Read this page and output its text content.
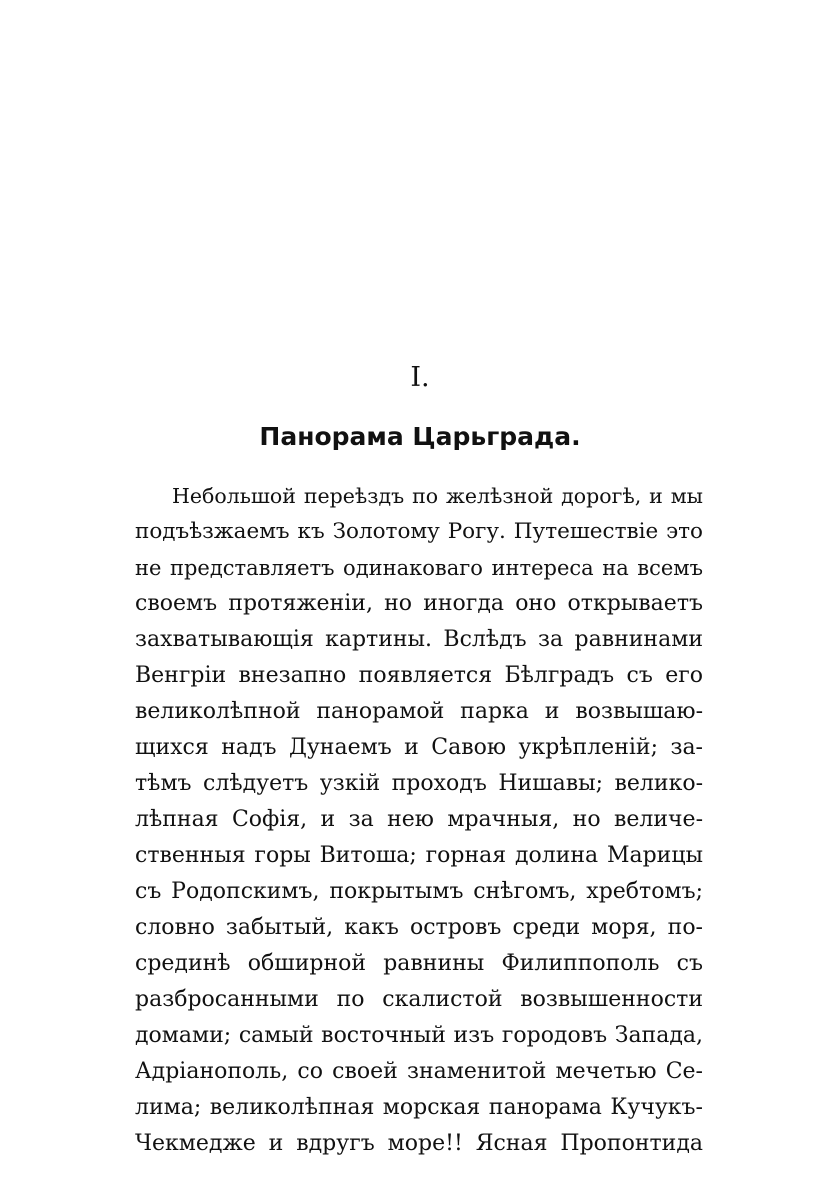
I.
Панорама Царьграда.
Небольшой переѣздъ по желѣзной дорогѣ, и мы
подъѣзжаемъ къ Золотому Рогу. Путешествіе это
не представляетъ одинаковаго интереса на всемъ
своемъ протяженіи, но иногда оно открываетъ
захватывающія картины. Вслѣдъ за равнинами
Венгріи внезапно появляется Бѣлградъ съ его
великолѣпной панорамой парка и возвышаю-
щихся надъ Дунаемъ и Савою укрѣпленій; за-
тѣмъ слѣдуетъ узкій проходъ Нишавы; велико-
лѣпная Софія, и за нею мрачныя, но величе-
ственныя горы Витоша; горная долина Марицы
съ Родопскимъ, покрытымъ снѣгомъ, хребтомъ;
словно забытый, какъ островъ среди моря, по-
срединѣ обширной равнины Филиппополь съ
разбросанными по скалистой возвышенности
домами; самый восточный изъ городовъ Запада,
Адріанополь, со своей знаменитой мечетью Се-
лима; великолѣпная морская панорама Кучукъ-
Чекмедже и вдругъ море!! Ясная Пропонтида
